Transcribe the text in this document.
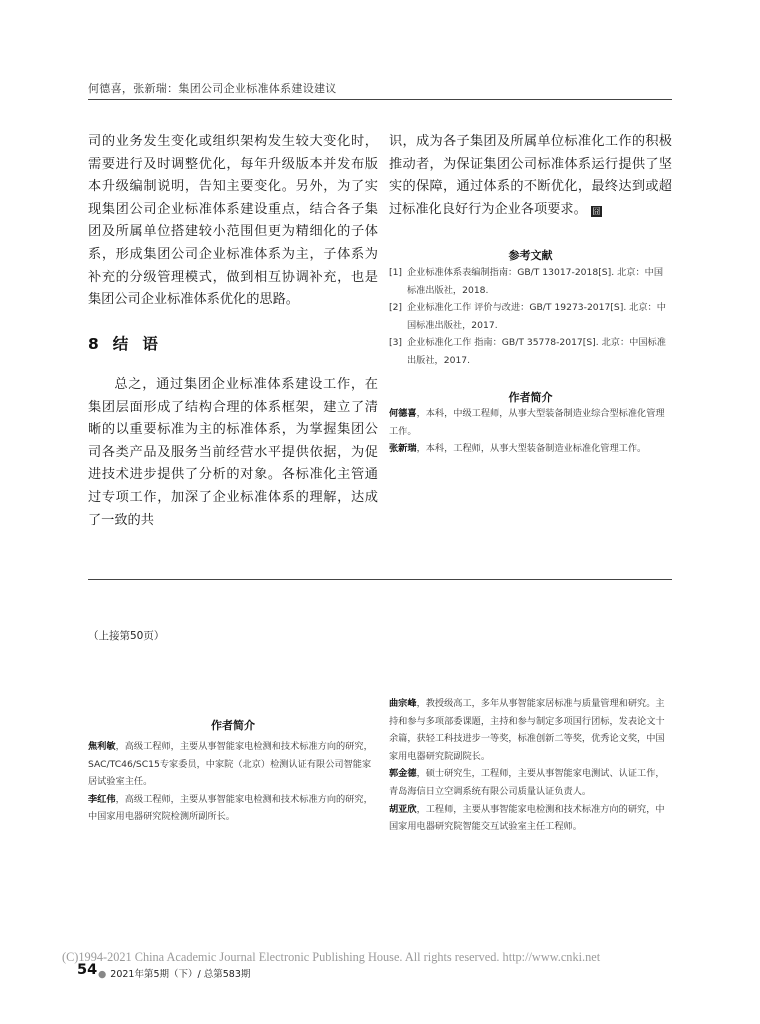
何德喜，张新瑞：集团公司企业标准体系建设建议

司的业务发生变化或组织架构发生较大变化时，需要进行及时调整优化，每年升级版本并发布版本升级编制说明，告知主要变化。另外，为了实现集团公司企业标准体系建设重点，结合各子集团及所属单位搭建较小范围但更为精细化的子体系，形成集团公司企业标准体系为主，子体系为补充的分级管理模式，做到相互协调补充，也是集团公司企业标准体系优化的思路。

8 结 语

总之，通过集团企业标准体系建设工作，在集团层面形成了结构合理的体系框架，建立了清晰的以重要标准为主的标准体系，为掌握集团公司各类产品及服务当前经营水平提供依据，为促进技术进步提供了分析的对象。各标准化主管通过专项工作，加深了企业标准体系的理解，达成了一致的共

识，成为各子集团及所属单位标准化工作的积极推动者，为保证集团公司标准体系运行提供了坚实的保障，通过体系的不断优化，最终达到或超过标准化良好行为企业各项要求。 囧

参考文献
[1] 企业标准体系表编制指南：GB/T 13017-2018[S]. 北京：中国标准出版社，2018.
[2] 企业标准化工作 评价与改进：GB/T 19273-2017[S]. 北京：中国标准出版社，2017.
[3] 企业标准化工作 指南：GB/T 35778-2017[S]. 北京：中国标准出版社，2017.
作者简介

何德喜，本科，中级工程师，从事大型装备制造业综合型标准化管理工作。

张新瑞，本科，工程师，从事大型装备制造业标准化管理工作。

（上接第50页）
作者简介

焦利敏，高级工程师，主要从事智能家电检测和技术标准方向的研究，SAC/TC46/SC15专家委员，中家院（北京）检测认证有限公司智能家居试验室主任。

李红伟，高级工程师，主要从事智能家电检测和技术标准方向的研究，中国家用电器研究院检测所副所长。

曲宗峰，教授级高工，多年从事智能家居标准与质量管理和研究。主持和参与多项部委课题，主持和参与制定多项国行团标，发表论文十余篇，获轻工科技进步一等奖，标准创新二等奖，优秀论文奖，中国家用电器研究院副院长。

郭金德，硕士研究生，工程师，主要从事智能家电测试、认证工作，青岛海信日立空调系统有限公司质量认证负责人。

胡亚欣，工程师，主要从事智能家电检测和技术标准方向的研究，中国家用电器研究院智能交互试验室主任工程师。

(C)1994-2021 China Academic Journal Electronic Publishing House. All rights reserved. http://www.cnki.net
54 ● 2021年第5期（下）/ 总第583期
